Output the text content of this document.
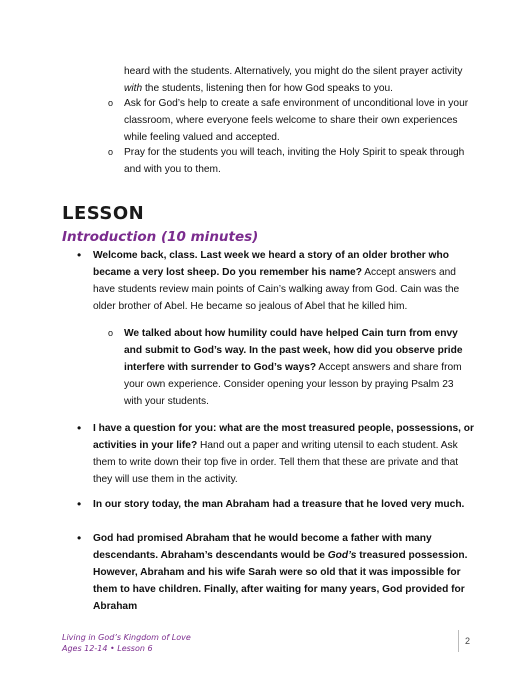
heard with the students. Alternatively, you might do the silent prayer activity with the students, listening then for how God speaks to you.

o Ask for God’s help to create a safe environment of unconditional love in your classroom, where everyone feels welcome to share their own experiences while feeling valued and accepted.

o Pray for the students you will teach, inviting the Holy Spirit to speak through and with you to them.

LESSON
Introduction (10 minutes)
• Welcome back, class. Last week we heard a story of an older brother who became a very lost sheep. Do you remember his name? Accept answers and have students review main points of Cain’s walking away from God. Cain was the older brother of Abel. He became so jealous of Abel that he killed him.

o We talked about how humility could have helped Cain turn from envy and submit to God’s way. In the past week, how did you observe pride interfere with surrender to God’s ways? Accept answers and share from your own experience. Consider opening your lesson by praying Psalm 23 with your students.

• I have a question for you: what are the most treasured people, possessions, or activities in your life? Hand out a paper and writing utensil to each student. Ask them to write down their top five in order. Tell them that these are private and that they will use them in the activity.

• In our story today, the man Abraham had a treasure that he loved very much.

• God had promised Abraham that he would become a father with many descendants. Abraham’s descendants would be God’s treasured possession. However, Abraham and his wife Sarah were so old that it was impossible for them to have children. Finally, after waiting for many years, God provided for Abraham

Living in God’s Kingdom of Love
Ages 12-14 • Lesson 6
2
